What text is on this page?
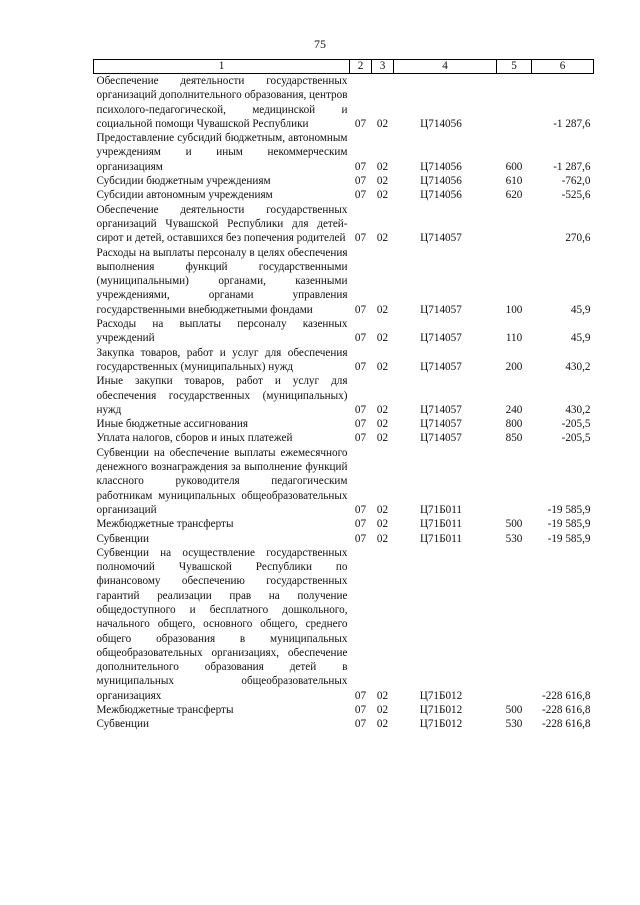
75
1	2	3	4	5	6
Обеспечение деятельности государственных организаций дополнительного образования, центров психолого-педагогической, медицинской и социальной помощи Чувашской Республики	07	02	Ц714056		-1 287,6
Предоставление субсидий бюджетным, автономным учреждениям и иным некоммерческим организациям	07	02	Ц714056	600	-1 287,6
Субсидии бюджетным учреждениям	07	02	Ц714056	610	-762,0
Субсидии автономным учреждениям	07	02	Ц714056	620	-525,6
Обеспечение деятельности государственных организаций Чувашской Республики для детей-сирот и детей, оставшихся без попечения родителей	07	02	Ц714057		270,6
Расходы на выплаты персоналу в целях обеспечения выполнения функций государственными (муниципальными) органами, казенными учреждениями, органами управления государственными внебюджетными фондами	07	02	Ц714057	100	45,9
Расходы на выплаты персоналу казенных учреждений	07	02	Ц714057	110	45,9
Закупка товаров, работ и услуг для обеспечения государственных (муниципальных) нужд	07	02	Ц714057	200	430,2
Иные закупки товаров, работ и услуг для обеспечения государственных (муниципальных) нужд	07	02	Ц714057	240	430,2
Иные бюджетные ассигнования	07	02	Ц714057	800	-205,5
Уплата налогов, сборов и иных платежей	07	02	Ц714057	850	-205,5
Субвенции на обеспечение выплаты ежемесячного денежного вознаграждения за выполнение функций классного руководителя педагогическим работникам муниципальных общеобразовательных организаций	07	02	Ц71Б011		-19 585,9
Межбюджетные трансферты	07	02	Ц71Б011	500	-19 585,9
Субвенции	07	02	Ц71Б011	530	-19 585,9
Субвенции на осуществление государственных полномочий Чувашской Республики по финансовому обеспечению государственных гарантий реализации прав на получение общедоступного и бесплатного дошкольного, начального общего, основного общего, среднего общего образования в муниципальных общеобразовательных организациях, обеспечение дополнительного образования детей в муниципальных общеобразовательных организациях	07	02	Ц71Б012		-228 616,8
Межбюджетные трансферты	07	02	Ц71Б012	500	-228 616,8
Субвенции	07	02	Ц71Б012	530	-228 616,8
